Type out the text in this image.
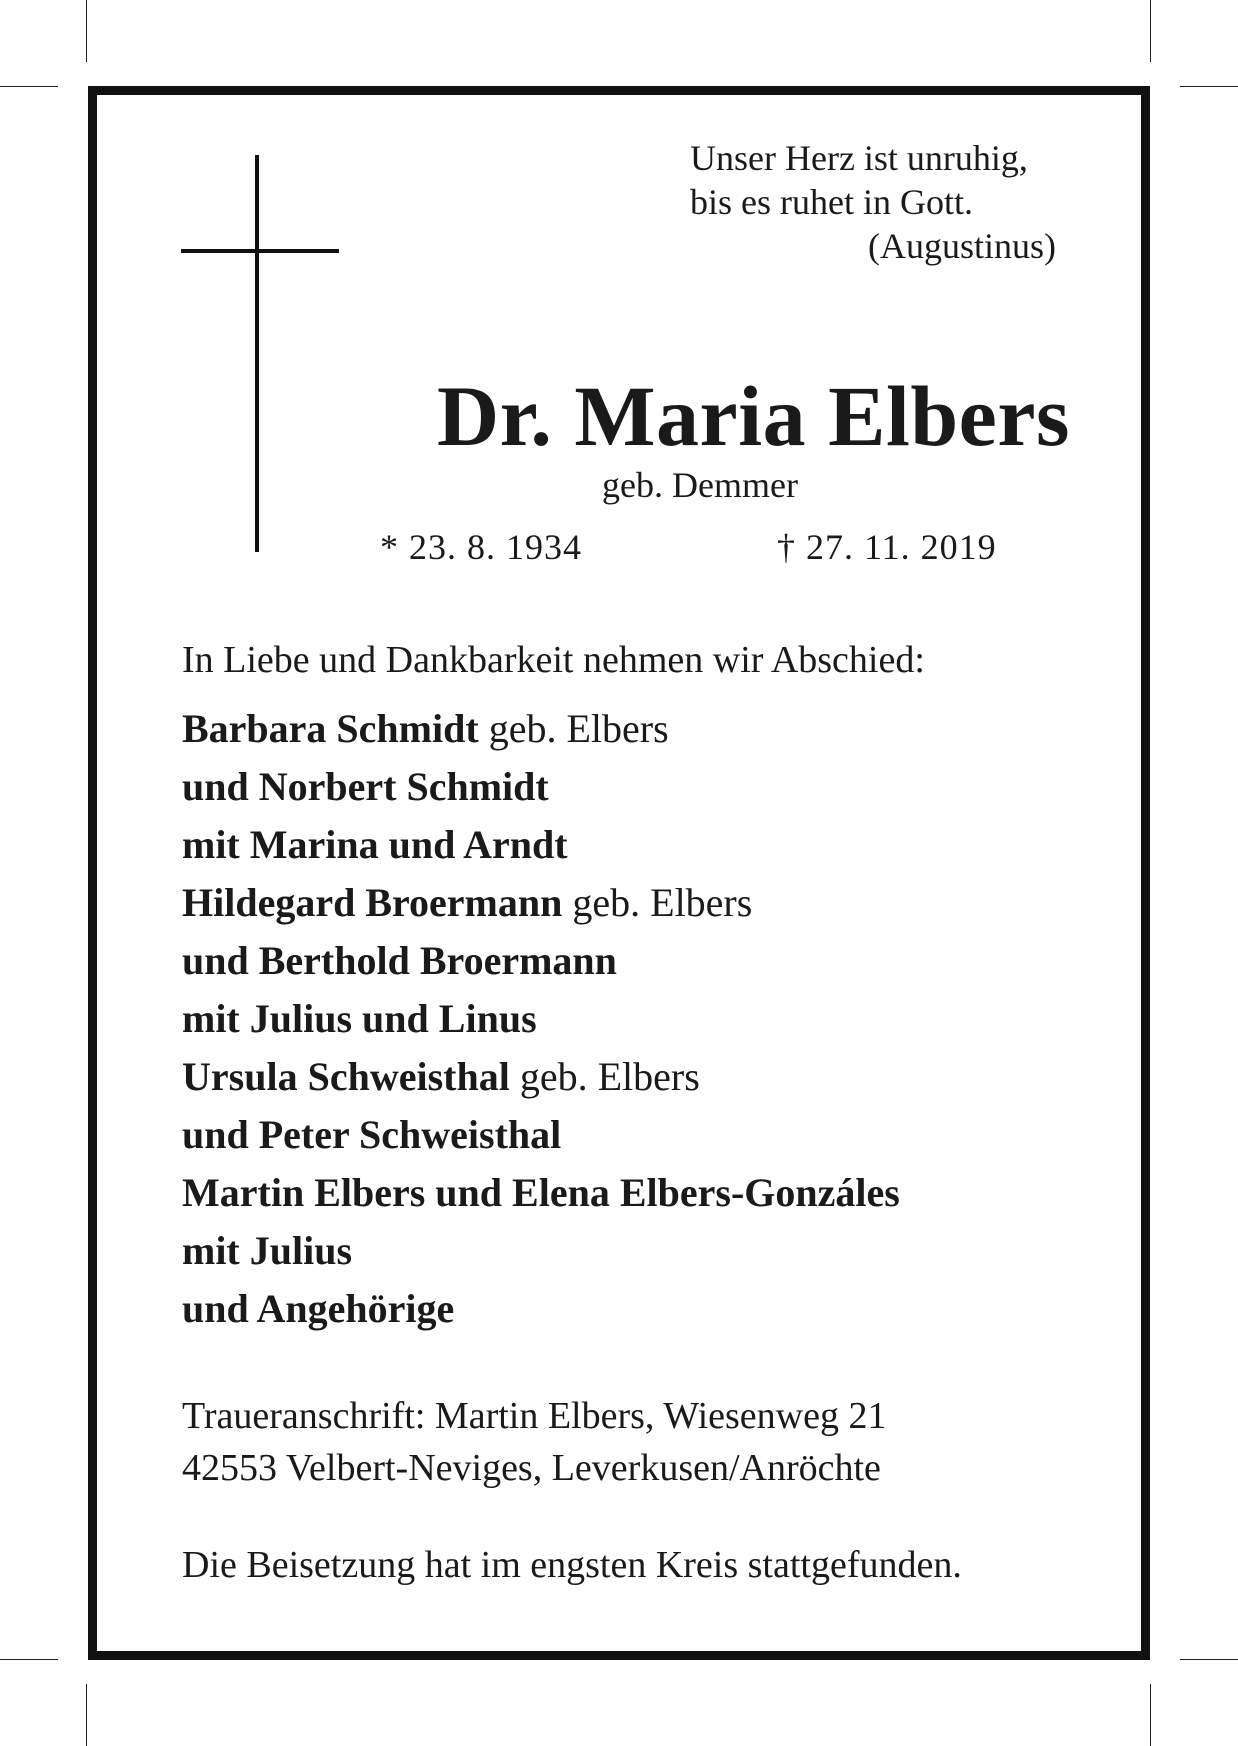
Unser Herz ist unruhig,
bis es ruhet in Gott.
(Augustinus)
Dr. Maria Elbers
geb. Demmer
* 23. 8. 1934	† 27. 11. 2019
In Liebe und Dankbarkeit nehmen wir Abschied:
Barbara Schmidt geb. Elbers
und Norbert Schmidt
mit Marina und Arndt
Hildegard Broermann geb. Elbers
und Berthold Broermann
mit Julius und Linus
Ursula Schweisthal geb. Elbers
und Peter Schweisthal
Martin Elbers und Elena Elbers-Gonzáles
mit Julius
und Angehörige
Traueranschrift: Martin Elbers, Wiesenweg 21
42553 Velbert-Neviges, Leverkusen/Anröchte
Die Beisetzung hat im engsten Kreis stattgefunden.
